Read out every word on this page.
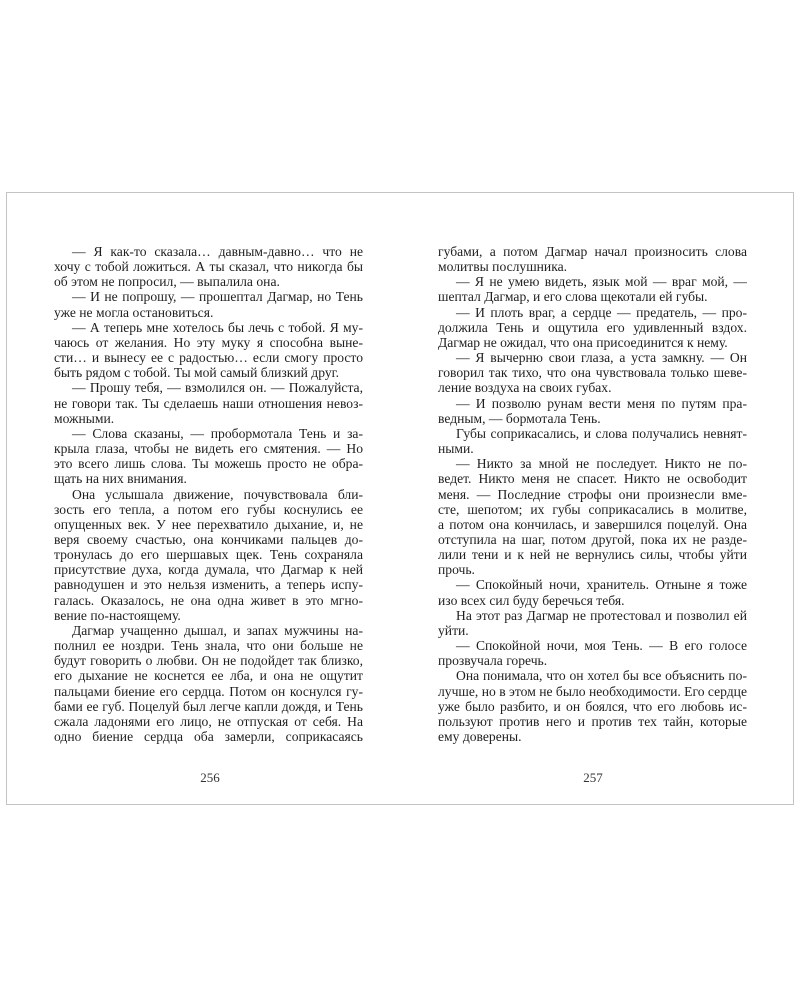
— Я как-то сказала… давным-давно… что не
хочу с тобой ложиться. А ты сказал, что никогда бы
об этом не попросил, — выпалила она.
— И не попрошу, — прошептал Дагмар, но Тень
уже не могла остановиться.
— А теперь мне хотелось бы лечь с тобой. Я му-
чаюсь от желания. Но эту муку я способна выне-
сти… и вынесу ее с радостью… если смогу просто
быть рядом с тобой. Ты мой самый близкий друг.
— Прошу тебя, — взмолился он. — Пожалуйста,
не говори так. Ты сделаешь наши отношения невоз-
можными.
— Слова сказаны, — пробормотала Тень и за-
крыла глаза, чтобы не видеть его смятения. — Но
это всего лишь слова. Ты можешь просто не обра-
щать на них внимания.
Она услышала движение, почувствовала бли-
зость его тепла, а потом его губы коснулись ее
опущенных век. У нее перехватило дыхание, и, не
веря своему счастью, она кончиками пальцев до-
тронулась до его шершавых щек. Тень сохраняла
присутствие духа, когда думала, что Дагмар к ней
равнодушен и это нельзя изменить, а теперь испу-
галась. Оказалось, не она одна живет в это мгно-
вение по-настоящему.
Дагмар учащенно дышал, и запах мужчины на-
полнил ее ноздри. Тень знала, что они больше не
будут говорить о любви. Он не подойдет так близко,
его дыхание не коснется ее лба, и она не ощутит
пальцами биение его сердца. Потом он коснулся гу-
бами ее губ. Поцелуй был легче капли дождя, и Тень
сжала ладонями его лицо, не отпуская от себя. На
одно биение сердца оба замерли, соприкасаясь
губами, а потом Дагмар начал произносить слова
молитвы послушника.
— Я не умею видеть, язык мой — враг мой, —
шептал Дагмар, и его слова щекотали ей губы.
— И плоть враг, а сердце — предатель, — про-
должила Тень и ощутила его удивленный вздох.
Дагмар не ожидал, что она присоединится к нему.
— Я вычерню свои глаза, а уста замкну. — Он
говорил так тихо, что она чувствовала только шеве-
ление воздуха на своих губах.
— И позволю рунам вести меня по путям пра-
ведным, — бормотала Тень.
Губы соприкасались, и слова получались невнят-
ными.
— Никто за мной не последует. Никто не по-
ведет. Никто меня не спасет. Никто не освободит
меня. — Последние строфы они произнесли вме-
сте, шепотом; их губы соприкасались в молитве,
а потом она кончилась, и завершился поцелуй. Она
отступила на шаг, потом другой, пока их не разде-
лили тени и к ней не вернулись силы, чтобы уйти
прочь.
— Спокойный ночи, хранитель. Отныне я тоже
изо всех сил буду беречься тебя.
На этот раз Дагмар не протестовал и позволил ей
уйти.
— Спокойной ночи, моя Тень. — В его голосе
прозвучала горечь.
Она понимала, что он хотел бы все объяснить по-
лучше, но в этом не было необходимости. Его сердце
уже было разбито, и он боялся, что его любовь ис-
пользуют против него и против тех тайн, которые
ему доверены.
256	257
